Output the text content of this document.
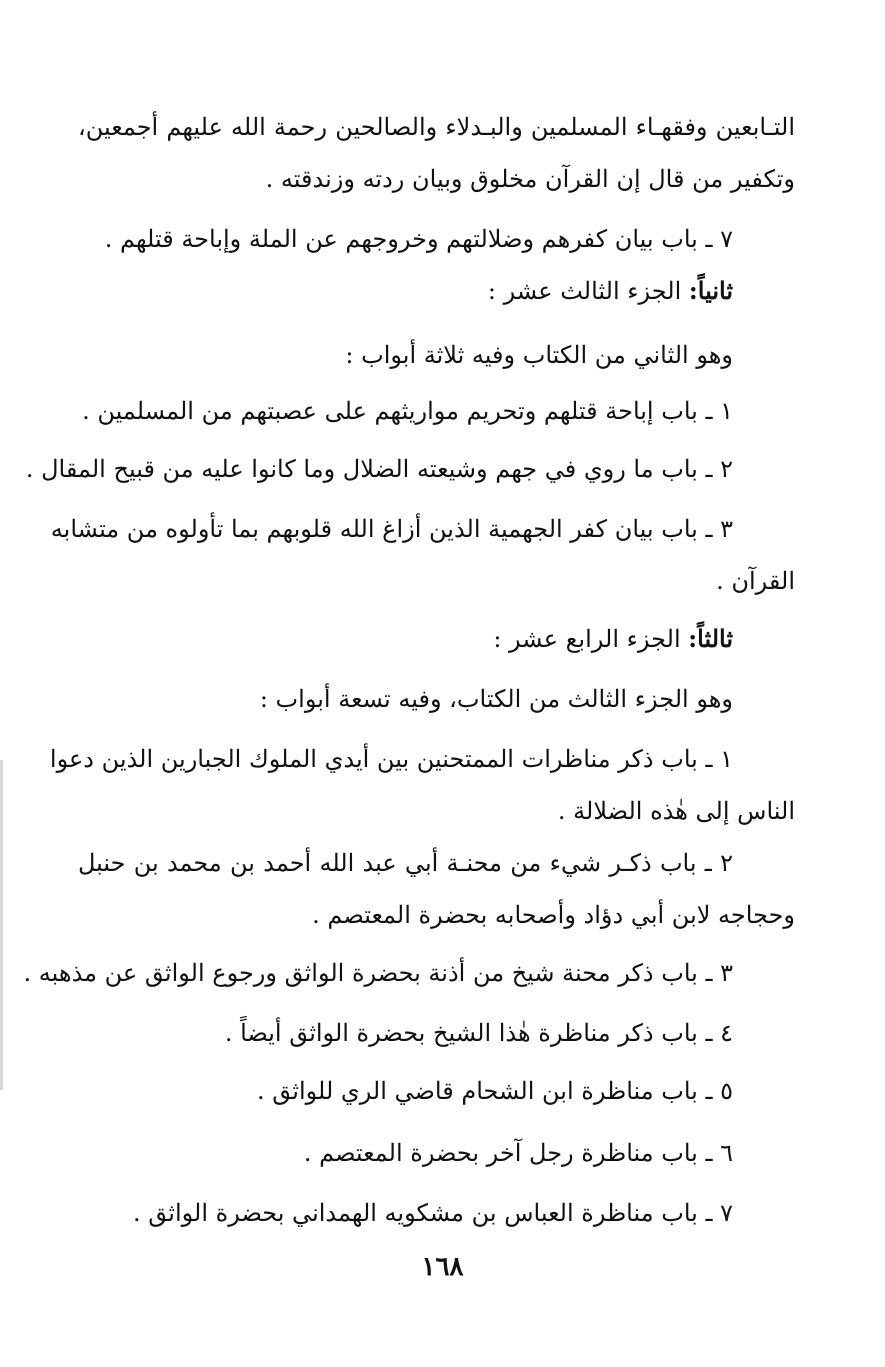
التـابعين وفقهـاء المسلمين والبـدلاء والصالحين رحمة الله عليهم أجمعين،
وتكفير من قال إن القرآن مخلوق وبيان ردته وزندقته .
٧ ـ باب بيان كفرهم وضلالتهم وخروجهم عن الملة وإباحة قتلهم .
ثانياً: الجزء الثالث عشر :
وهو الثاني من الكتاب وفيه ثلاثة أبواب :
١ ـ باب إباحة قتلهم وتحريم مواريثهم على عصبتهم من المسلمين .
٢ ـ باب ما روي في جهم وشيعته الضلال وما كانوا عليه من قبيح المقال .
٣ ـ باب بيان كفر الجهمية الذين أزاغ الله قلوبهم بما تأولوه من متشابه
القرآن .
ثالثاً: الجزء الرابع عشر :
وهو الجزء الثالث من الكتاب، وفيه تسعة أبواب :
١ ـ باب ذكر مناظرات الممتحنين بين أيدي الملوك الجبارين الذين دعوا
الناس إلى هٰذه الضلالة .
٢ ـ باب ذكـر شيء من محنـة أبي عبد الله أحمد بن محمد بن حنبل
وحجاجه لابن أبي دؤاد وأصحابه بحضرة المعتصم .
٣ ـ باب ذكر محنة شيخ من أذنة بحضرة الواثق ورجوع الواثق عن مذهبه .
٤ ـ باب ذكر مناظرة هٰذا الشيخ بحضرة الواثق أيضاً .
٥ ـ باب مناظرة ابن الشحام قاضي الري للواثق .
٦ ـ باب مناظرة رجل آخر بحضرة المعتصم .
٧ ـ باب مناظرة العباس بن مشكويه الهمداني بحضرة الواثق .
١٦٨
